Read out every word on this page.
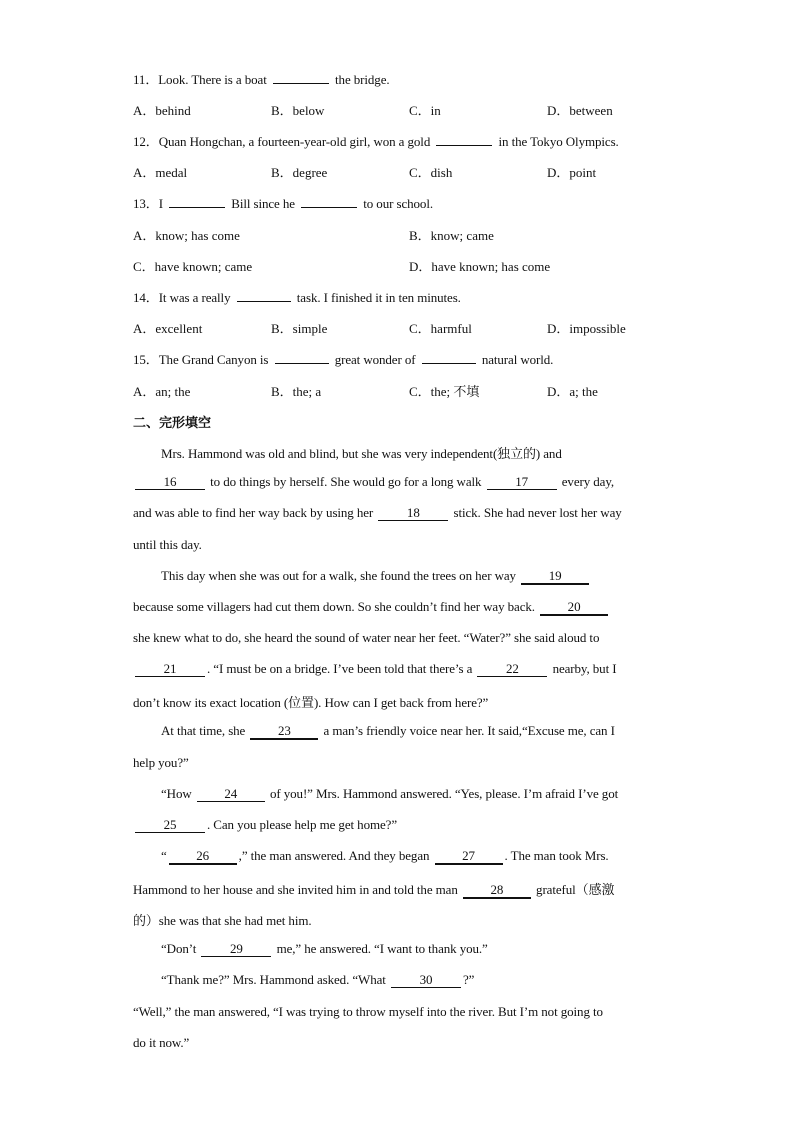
11．Look. There is a boat	the bridge.
A．behind	B．below	C．in	D．between
12．Quan Hongchan, a fourteen-year-old girl, won a gold	in the Tokyo Olympics.
A．medal	B．degree	C．dish	D．point
13．I	Bill since he	to our school.
A．know; has come	B．know; came
C．have known; came	D．have known; has come
14．It was a really	task. I finished it in ten minutes.
A．excellent	B．simple	C．harmful	D．impossible
15．The Grand Canyon is	great wonder of	natural world.
A．an; the	B．the; a	C．the; 不填	D．a; the
二、完形填空
Mrs. Hammond was old and blind, but she was very independent(独立的) and
16	to do things by herself. She would go for a long walk	17	every day,
and was able to find her way back by using her	18	stick. She had never lost her way
until this day.
This day when she was out for a walk, she found the trees on her way	19
because some villagers had cut them down. So she couldn’t find her way back.	20
she knew what to do, she heard the sound of water near her feet. “Water?” she said aloud to
21 . “I must be on a bridge. I’ve been told that there’s a	22	nearby, but I
don’t know its exact location (位置). How can I get back from here?”
At that time, she	23	a man’s friendly voice near her. It said,“Excuse me, can I
help you?”
“How	24	of you!” Mrs. Hammond answered. “Yes, please. I’m afraid I’ve got
25 . Can you please help me get home?”
“ 26 ,” the man answered. And they began	27 . The man took Mrs.
Hammond to her house and she invited him in and told the man	28	grateful（感激
的）she was that she had met him.
“Don’t	29	me,” he answered. “I want to thank you.”
“Thank me?” Mrs. Hammond asked. “What	30 ?”
“Well,” the man answered, “I was trying to throw myself into the river. But I’m not going to
do it now.”
